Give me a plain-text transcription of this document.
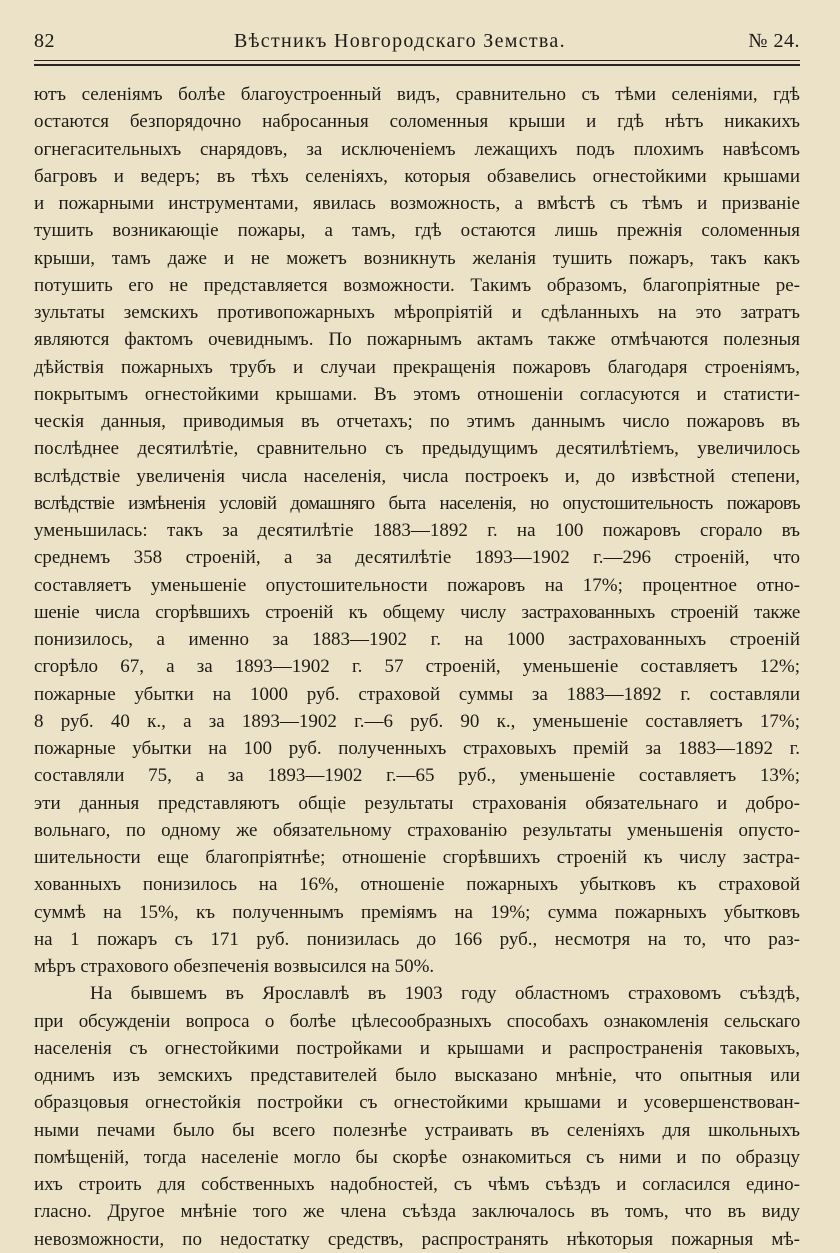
82	Вѣстникъ Новгородскаго Земства.	№ 24.
ютъ селеніямъ болѣе благоустроенный видъ, сравнительно съ тѣми селеніями, гдѣ
остаются безпорядочно набросанныя соломенныя крыши и гдѣ нѣтъ никакихъ
огнегасительныхъ снарядовъ, за исключеніемъ лежащихъ подъ плохимъ навѣсомъ
багровъ и ведеръ; въ тѣхъ селеніяхъ, которыя обзавелись огнестойкими крышами
и пожарными инструментами, явилась возможность, а вмѣстѣ съ тѣмъ и призваніе
тушить возникающіе пожары, а тамъ, гдѣ остаются лишь прежнія соломенныя
крыши, тамъ даже и не можетъ возникнуть желанія тушить пожаръ, такъ какъ
потушить его не представляется возможности. Такимъ образомъ, благопріятные ре-
зультаты земскихъ противопожарныхъ мѣропріятій и сдѣланныхъ на это затратъ
являются фактомъ очевиднымъ. По пожарнымъ актамъ также отмѣчаются полезныя
дѣйствія пожарныхъ трубъ и случаи прекращенія пожаровъ благодаря строеніямъ,
покрытымъ огнестойкими крышами. Въ этомъ отношеніи согласуются и статисти-
ческія данныя, приводимыя въ отчетахъ; по этимъ даннымъ число пожаровъ въ
послѣднее десятилѣтіе, сравнительно съ предыдущимъ десятилѣтіемъ, увеличилось
вслѣдствіе увеличенія числа населенія, числа построекъ и, до извѣстной степени,
вслѣдствіе измѣненія условій домашняго быта населенія, но опустошительность пожаровъ
уменьшилась: такъ за десятилѣтіе 1883—1892 г. на 100 пожаровъ сгорало въ
среднемъ 358 строеній, а за десятилѣтіе 1893—1902 г.—296 строеній, что
составляетъ уменьшеніе опустошительности пожаровъ на 17%; процентное отно-
шеніе числа сгорѣвшихъ строеній къ общему числу застрахованныхъ строеній также
понизилось, а именно за 1883—1902 г. на 1000 застрахованныхъ строеній
сгорѣло 67, а за 1893—1902 г. 57 строеній, уменьшеніе составляетъ 12%;
пожарные убытки на 1000 руб. страховой суммы за 1883—1892 г. составляли
8 руб. 40 к., а за 1893—1902 г.—6 руб. 90 к., уменьшеніе составляетъ 17%;
пожарные убытки на 100 руб. полученныхъ страховыхъ премій за 1883—1892 г.
составляли 75, а за 1893—1902 г.—65 руб., уменьшеніе составляетъ 13%;
эти данныя представляютъ общіе результаты страхованія обязательнаго и добро-
вольнаго, по одному же обязательному страхованію результаты уменьшенія опусто-
шительности еще благопріятнѣе; отношеніе сгорѣвшихъ строеній къ числу застра-
хованныхъ понизилось на 16%, отношеніе пожарныхъ убытковъ къ страховой
суммѣ на 15%, къ полученнымъ преміямъ на 19%; сумма пожарныхъ убытковъ
на 1 пожаръ съ 171 руб. понизилась до 166 руб., несмотря на то, что раз-
мѣръ страхового обезпеченія возвысился на 50%.
На бывшемъ въ Ярославлѣ въ 1903 году областномъ страховомъ съѣздѣ,
при обсужденіи вопроса о болѣе цѣлесообразныхъ способахъ ознакомленія сельскаго
населенія съ огнестойкими постройками и крышами и распространенія таковыхъ,
однимъ изъ земскихъ представителей было высказано мнѣніе, что опытныя или
образцовыя огнестойкія постройки съ огнестойкими крышами и усовершенствован-
ными печами было бы всего полезнѣе устраивать въ селеніяхъ для школьныхъ
помѣщеній, тогда населеніе могло бы скорѣе ознакомиться съ ними и по образцу
ихъ строить для собственныхъ надобностей, съ чѣмъ съѣздъ и согласился едино-
гласно. Другое мнѣніе того же члена съѣзда заключалось въ томъ, что въ виду
невозможности, по недостатку средствъ, распространять нѣкоторыя пожарныя мѣ-
